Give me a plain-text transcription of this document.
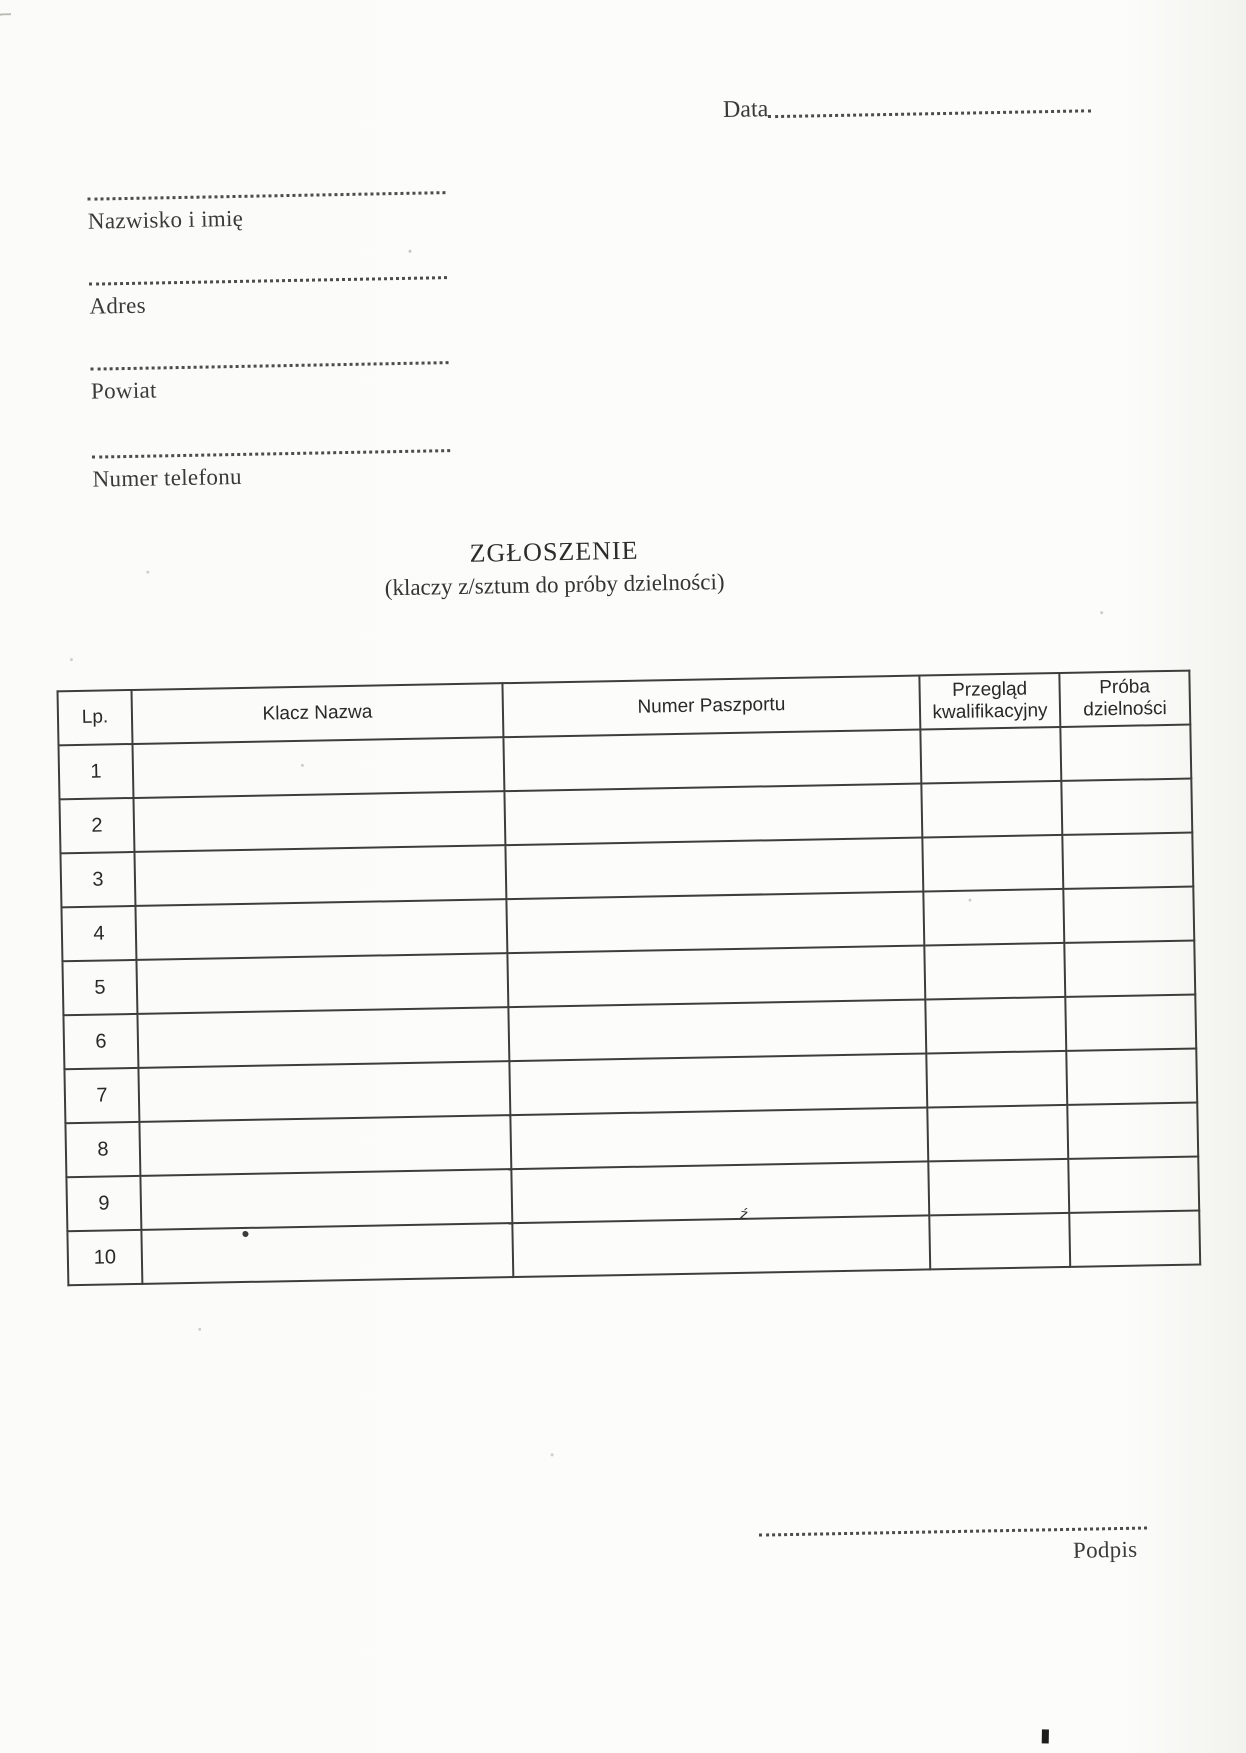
Data
Nazwisko i imię
Adres
Powiat
Numer telefonu
ZGŁOSZENIE
(klaczy z/sztum do próby dzielności)
Lp.	Klacz Nazwa	Numer Paszportu	Przegląd kwalifikacyjny	Próba dzielności
1				
2				
3				
4				
5				
6				
7				
8				
9				
10				
Podpis
ź
